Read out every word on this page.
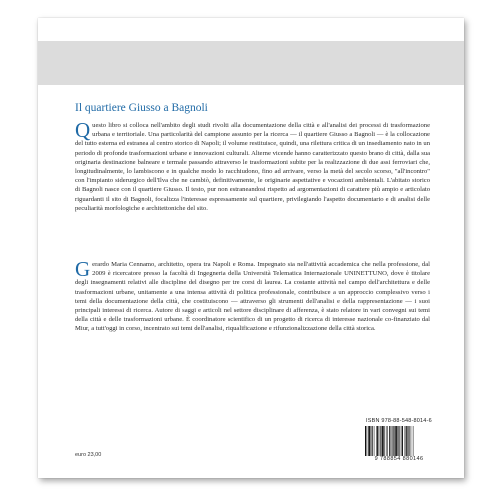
Il quartiere Giusso a Bagnoli

Questo libro si colloca nell'ambito degli studi rivolti alla documentazione della città e all'analisi dei processi di trasformazione urbana e territoriale. Una particolarità del campione assunto per la ricerca — il quartiere Giusso a Bagnoli — è la collocazione del tutto esterna ed estranea al centro storico di Napoli; il volume restituisce, quindi, una rilettura critica di un insediamento nato in un periodo di profonde trasformazioni urbane e innovazioni culturali. Alterne vicende hanno caratterizzato questo brano di città, dalla sua originaria destinazione balneare e termale passando attraverso le trasformazioni subite per la realizzazione di due assi ferroviari che, longitudinalmente, lo lambiscono e in qualche modo lo racchiudono, fino ad arrivare, verso la metà del secolo scorso, "all'incontro" con l'impianto siderurgico dell'Ilva che ne cambiò, definitivamente, le originarie aspettative e vocazioni ambientali. L'abitato storico di Bagnoli nasce con il quartiere Giusso. Il testo, pur non estraneandosi rispetto ad argomentazioni di carattere più ampio e articolato riguardanti il sito di Bagnoli, focalizza l'interesse espressamente sul quartiere, privilegiando l'aspetto documentario e di analisi delle peculiarità morfologiche e architettoniche del sito.

Gerardo Maria Cennamo, architetto, opera tra Napoli e Roma. Impegnato sia nell'attività accademica che nella professione, dal 2009 è ricercatore presso la facoltà di Ingegneria della Università Telematica Internazionale UNINETTUNO, dove è titolare degli insegnamenti relativi alle discipline del disegno per tre corsi di laurea. La costante attività nel campo dell'architettura e delle trasformazioni urbane, unitamente a una intensa attività di politica professionale, contribuisce a un approccio complessivo verso i temi della documentazione della città, che costituiscono — attraverso gli strumenti dell'analisi e della rappresentazione — i suoi principali interessi di ricerca. Autore di saggi e articoli nel settore disciplinare di afferenza, è stato relatore in vari convegni sui temi della città e delle trasformazioni urbane. È coordinatore scientifico di un progetto di ricerca di interesse nazionale co-finanziato dal Miur, a tutt'oggi in corso, incentrato sui temi dell'analisi, riqualificazione e rifunzionalizzazione della città storica.

ISBN 978-88-548-8014-6
9 788854 880146
euro 23,00
